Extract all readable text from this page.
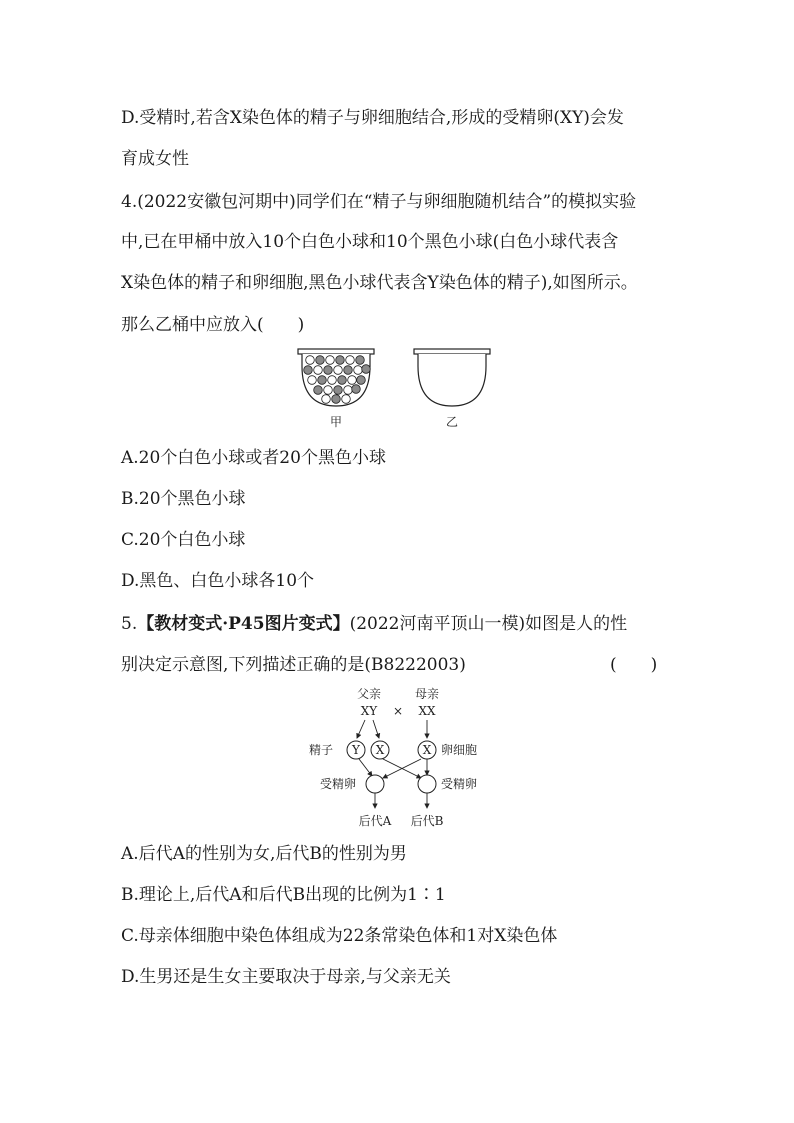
D.受精时,若含X染色体的精子与卵细胞结合,形成的受精卵(XY)会发
育成女性
4.(2022安徽包河期中)同学们在“精子与卵细胞随机结合”的模拟实验
中,已在甲桶中放入10个白色小球和10个黑色小球(白色小球代表含
X染色体的精子和卵细胞,黑色小球代表含Y染色体的精子),如图所示。
那么乙桶中应放入(　　)
甲	乙
A.20个白色小球或者20个黑色小球
B.20个黑色小球
C.20个白色小球
D.黑色、白色小球各10个
5.【教材变式·P45图片变式】(2022河南平顶山一模)如图是人的性
别决定示意图,下列描述正确的是(B8222003)	(　　)
父亲	母亲
XY × XX
精子 Y X	X 卵细胞
受精卵	受精卵
后代A 后代B
A.后代A的性别为女,后代B的性别为男
B.理论上,后代A和后代B出现的比例为1∶1
C.母亲体细胞中染色体组成为22条常染色体和1对X染色体
D.生男还是生女主要取决于母亲,与父亲无关
